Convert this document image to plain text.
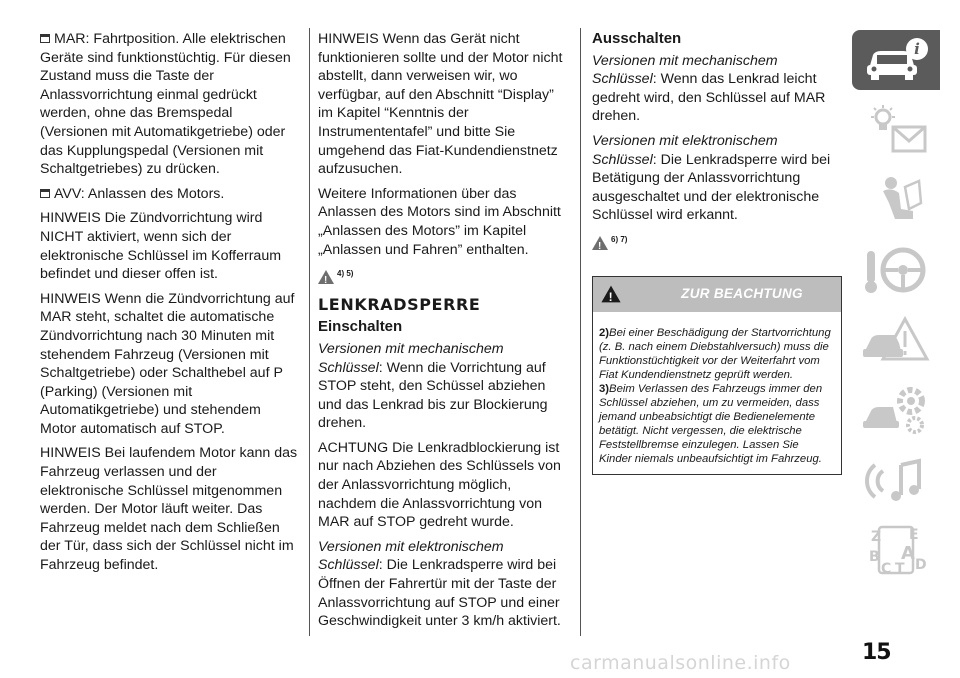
MAR: Fahrtposition. Alle elektrischen Geräte sind funktionstüchtig. Für diesen Zustand muss die Taste der Anlassvorrichtung einmal gedrückt werden, ohne das Bremspedal (Versionen mit Automatikgetriebe) oder das Kupplungspedal (Versionen mit Schaltgetriebes) zu drücken.

AVV: Anlassen des Motors.

HINWEIS Die Zündvorrichtung wird NICHT aktiviert, wenn sich der elektronische Schlüssel im Kofferraum befindet und dieser offen ist.

HINWEIS Wenn die Zündvorrichtung auf MAR steht, schaltet die automatische Zündvorrichtung nach 30 Minuten mit stehendem Fahrzeug (Versionen mit Schaltgetriebe) oder Schalthebel auf P (Parking) (Versionen mit Automatikgetriebe) und stehendem Motor automatisch auf STOP.

HINWEIS Bei laufendem Motor kann das Fahrzeug verlassen und der elektronische Schlüssel mitgenommen werden. Der Motor läuft weiter. Das Fahrzeug meldet nach dem Schließen der Tür, dass sich der Schlüssel nicht im Fahrzeug befindet.

HINWEIS Wenn das Gerät nicht funktionieren sollte und der Motor nicht abstellt, dann verweisen wir, wo verfügbar, auf den Abschnitt “Display” im Kapitel “Kenntnis der Instrumententafel” und bitte Sie umgehend das Fiat-Kundendienstnetz aufzusuchen.

Weitere Informationen über das Anlassen des Motors sind im Abschnitt „Anlassen des Motors” im Kapitel „Anlassen und Fahren” enthalten.

!
4) 5)
LENKRADSPERRE
Einschalten

Versionen mit mechanischem Schlüssel: Wenn die Vorrichtung auf STOP steht, den Schüssel abziehen und das Lenkrad bis zur Blockierung drehen.

ACHTUNG Die Lenkradblockierung ist nur nach Abziehen des Schlüssels von der Anlassvorrichtung möglich, nachdem die Anlassvorrichtung von MAR auf STOP gedreht wurde.

Versionen mit elektronischem Schlüssel: Die Lenkradsperre wird bei Öffnen der Fahrertür mit der Taste der Anlassvorrichtung auf STOP und einer Geschwindigkeit unter 3 km/h aktiviert.

Ausschalten

Versionen mit mechanischem Schlüssel: Wenn das Lenkrad leicht gedreht wird, den Schlüssel auf MAR drehen.

Versionen mit elektronischem Schlüssel: Die Lenkradsperre wird bei Betätigung der Anlassvorrichtung ausgeschaltet und der elektronische Schlüssel wird erkannt.

!
6) 7)
!
ZUR BEACHTUNG

2)Bei einer Beschädigung der Startvorrichtung (z. B. nach einem Diebstahlversuch) muss die Funktionstüchtigkeit vor der Weiterfahrt vom Fiat Kundendienstnetz geprüft werden.

3)Beim Verlassen des Fahrzeugs immer den Schlüssel abziehen, um zu vermeiden, dass jemand unbeabsichtigt die Bedienelemente betätigt. Nicht vergessen, die elektrische Feststellbremse einzulegen. Lassen Sie Kinder niemals unbeaufsichtigt im Fahrzeug.

i
Z E
B A
C T D
15
carmanualsonline.info
